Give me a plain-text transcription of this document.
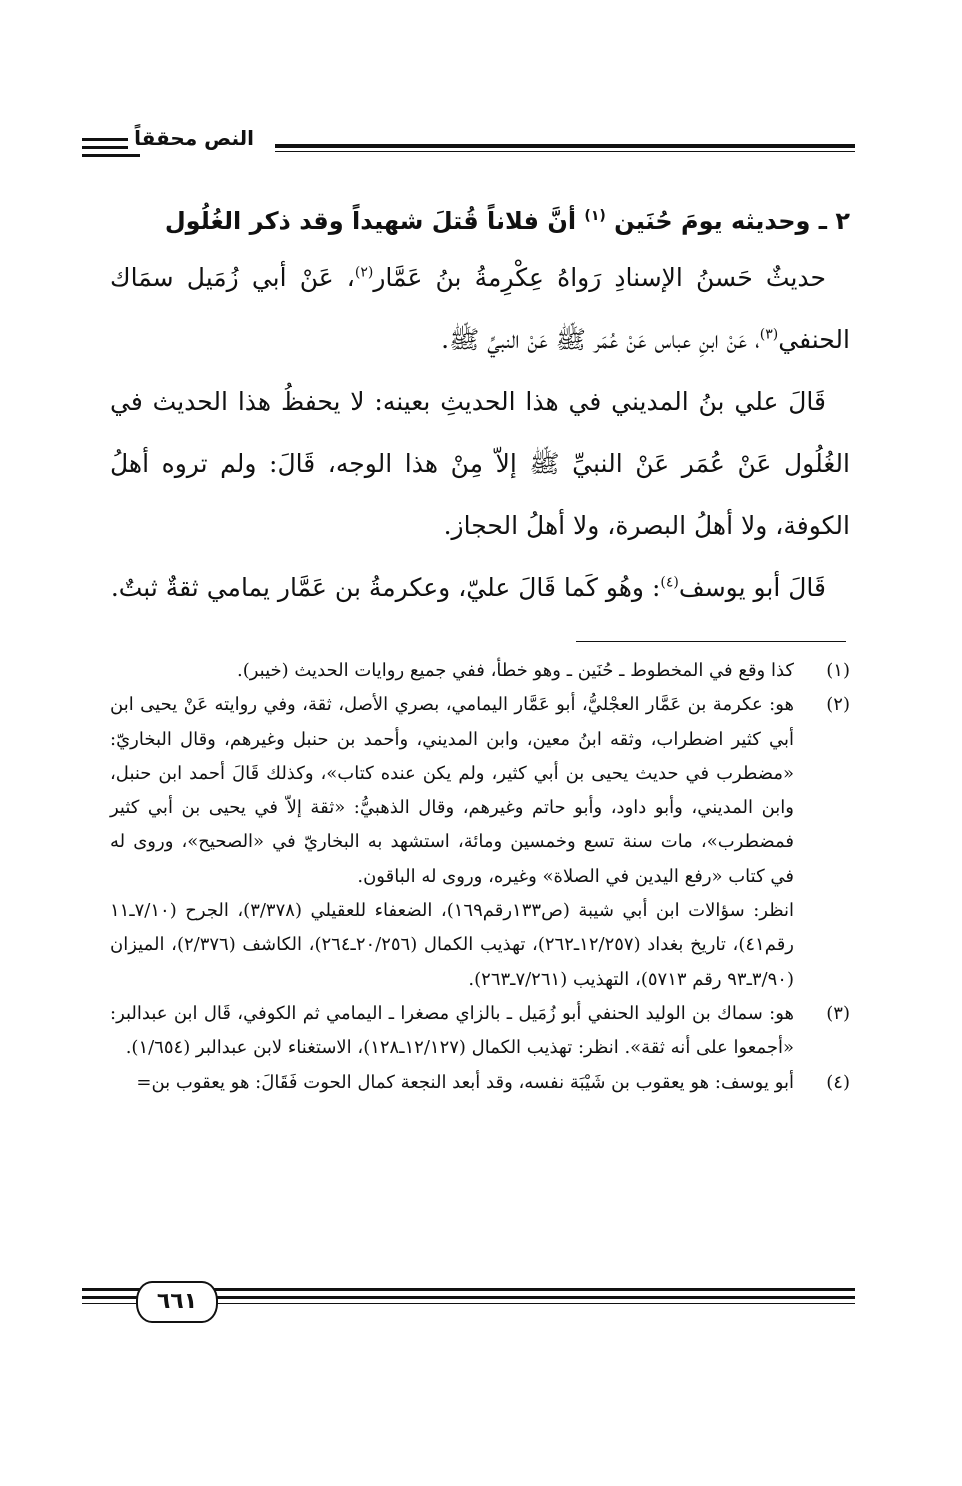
النص محققاً

٢ ـ وحديثه يومَ حُنَين $^{(١)}$ أنَّ فلاناً قُتلَ شهيداً وقد ذكر الغُلُول

حديثٌ حَسنُ الإسنادِ رَواهُ عِكْرِمةُ بنُ عَمَّار$^{(٢)}$، عَنْ أبي زُمَيل سمَاك الحنفي$^{(٣)}$، عَنْ ابنِ عباس عَنْ عُمَر ﷺ عَنْ النبيِّ ﷺ.

قَالَ علي بنُ المديني في هذا الحديثِ بعينه: لا يحفظُ هذا الحديث في الغُلُول عَنْ عُمَر عَنْ النبيِّ ﷺ إلاّ مِنْ هذا الوجه، قَالَ: ولم تروه أهلُ الكوفة، ولا أهلُ البصرة، ولا أهلُ الحجاز.

قَالَ أبو يوسف$^{(٤)}$: وهُو كَما قَالَ عليّ، وعكرمةُ بن عَمَّار يمامي ثقةٌ ثبتٌ.

(١)
كذا وقع في المخطوط ـ حُنَين ـ وهو خطأ، ففي جميع روايات الحديث (خيبر).

(٢)
هو: عكرمة بن عَمَّار العجْليُّ، أبو عَمَّار اليمامي، بصري الأصل، ثقة، وفي روايته عَنْ يحيى ابن أبي كثير اضطراب، وثقه ابنُ معين، وابن المديني، وأحمد بن حنبل وغيرهم، وقال البخاريّ: «مضطرب في حديث يحيى بن أبي كثير، ولم يكن عنده كتاب»، وكذلك قَالَ أحمد ابن حنبل، وابن المديني، وأبو داود، وأبو حاتم وغيرهم، وقال الذهبيُّ: «ثقة إلاّ في يحيى بن أبي كثير فمضطرب»، مات سنة تسع وخمسين ومائة، استشهد به البخاريّ في «الصحيح»، وروى له في كتاب «رفع اليدين في الصلاة» وغيره، وروى له الباقون.

انظر: سؤالات ابن أبي شيبة (ص١٣٣رقم١٦٩)، الضعفاء للعقيلي (٣/٣٧٨)، الجرح (٧/١٠ـ١١ رقم٤١)، تاريخ بغداد (١٢/٢٥٧ـ٢٦٢)، تهذيب الكمال (٢٠/٢٥٦ـ٢٦٤)، الكاشف (٢/٣٧٦)، الميزان (٣/٩٠ـ٩٣ رقم ٥٧١٣)، التهذيب (٧/٢٦١ـ٢٦٣).

(٣)
هو: سماك بن الوليد الحنفي أبو زُمَيل ـ بالزاي مصغرا ـ اليمامي ثم الكوفي، قَال ابن عبدالبر: «أجمعوا على أنه ثقة». انظر: تهذيب الكمال (١٢/١٢٧ـ١٢٨)، الاستغناء لابن عبدالبر (١/٦٥٤).

(٤)
أبو يوسف: هو يعقوب بن شَيْبَة نفسه، وقد أبعد النجعة كمال الحوت فَقَالَ: هو يعقوب بن=

٦٦١
